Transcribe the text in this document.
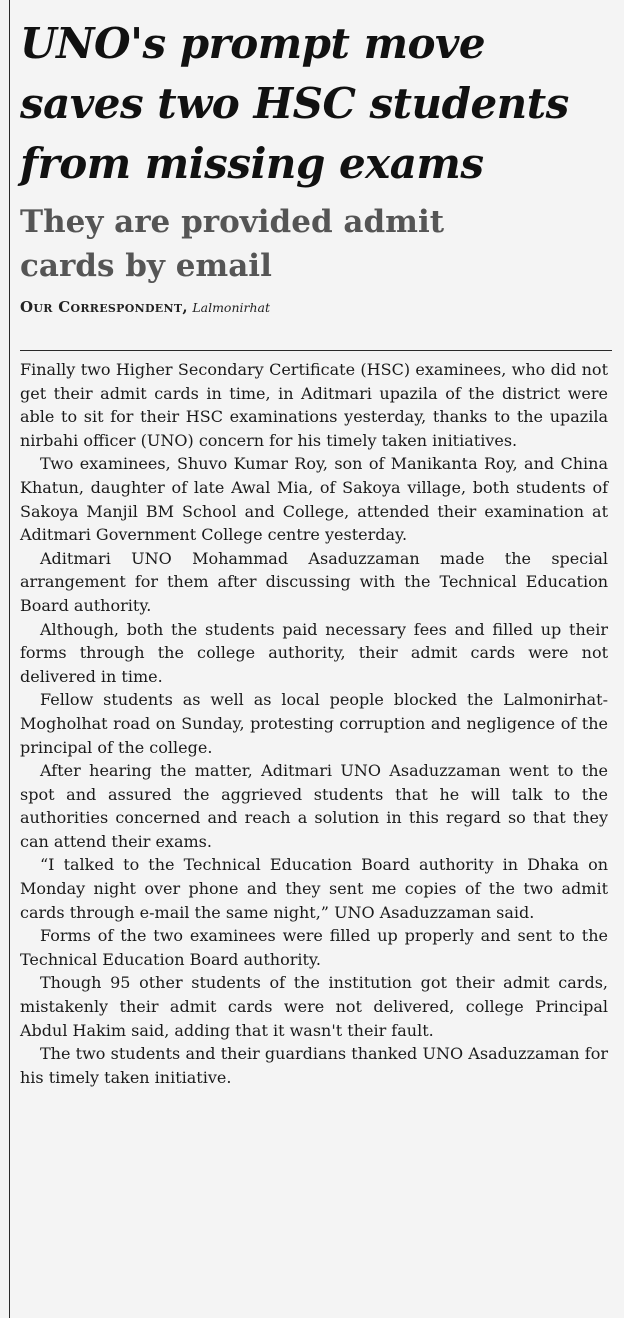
UNO's prompt move
saves two HSC students
from missing exams
They are provided admit
cards by email
Our Correspondent, Lalmonirhat

Finally two Higher Secondary Certificate (HSC) examinees, who did not get their admit cards in time, in Aditmari upazila of the district were able to sit for their HSC examinations yesterday, thanks to the upazila nirbahi officer (UNO) concern for his timely taken initiatives.

Two examinees, Shuvo Kumar Roy, son of Manikanta Roy, and China Khatun, daughter of late Awal Mia, of Sakoya village, both students of Sakoya Manjil BM School and College, attended their examination at Aditmari Government College centre yesterday.

Aditmari UNO Mohammad Asaduzzaman made the special arrangement for them after discussing with the Technical Education Board authority.

Although, both the students paid necessary fees and filled up their forms through the college authority, their admit cards were not delivered in time.

Fellow students as well as local people blocked the Lalmonirhat-Mogholhat road on Sunday, protesting corruption and negligence of the principal of the college.

After hearing the matter, Aditmari UNO Asaduzzaman went to the spot and assured the aggrieved students that he will talk to the authorities concerned and reach a solution in this regard so that they can attend their exams.

“I talked to the Technical Education Board authority in Dhaka on Monday night over phone and they sent me copies of the two admit cards through e-mail the same night,” UNO Asaduzzaman said.

Forms of the two examinees were filled up properly and sent to the Technical Education Board authority.

Though 95 other students of the institution got their admit cards, mistakenly their admit cards were not delivered, college Principal Abdul Hakim said, adding that it wasn't their fault.

The two students and their guardians thanked UNO Asaduzzaman for his timely taken initiative.
